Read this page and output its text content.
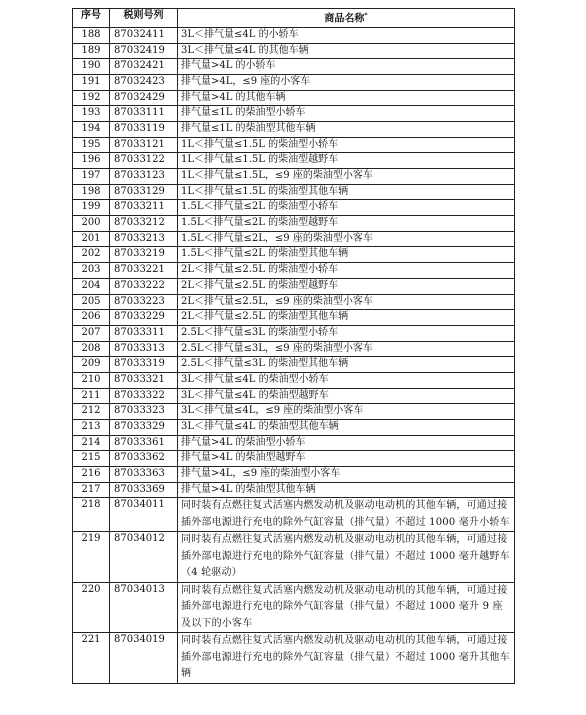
序号	税则号列	商品名称*
188	87032411	3L＜排气量≤4L 的小轿车
189	87032419	3L＜排气量≤4L 的其他车辆
190	87032421	排气量>4L 的小轿车
191	87032423	排气量>4L，≤9 座的小客车
192	87032429	排气量>4L 的其他车辆
193	87033111	排气量≤1L 的柴油型小轿车
194	87033119	排气量≤1L 的柴油型其他车辆
195	87033121	1L＜排气量≤1.5L 的柴油型小轿车
196	87033122	1L＜排气量≤1.5L 的柴油型越野车
197	87033123	1L＜排气量≤1.5L，≤9 座的柴油型小客车
198	87033129	1L＜排气量≤1.5L 的柴油型其他车辆
199	87033211	1.5L＜排气量≤2L 的柴油型小轿车
200	87033212	1.5L＜排气量≤2L 的柴油型越野车
201	87033213	1.5L＜排气量≤2L，≤9 座的柴油型小客车
202	87033219	1.5L＜排气量≤2L 的柴油型其他车辆
203	87033221	2L＜排气量≤2.5L 的柴油型小轿车
204	87033222	2L＜排气量≤2.5L 的柴油型越野车
205	87033223	2L＜排气量≤2.5L，≤9 座的柴油型小客车
206	87033229	2L＜排气量≤2.5L 的柴油型其他车辆
207	87033311	2.5L＜排气量≤3L 的柴油型小轿车
208	87033313	2.5L＜排气量≤3L，≤9 座的柴油型小客车
209	87033319	2.5L＜排气量≤3L 的柴油型其他车辆
210	87033321	3L＜排气量≤4L 的柴油型小轿车
211	87033322	3L＜排气量≤4L 的柴油型越野车
212	87033323	3L＜排气量≤4L，≤9 座的柴油型小客车
213	87033329	3L＜排气量≤4L 的柴油型其他车辆
214	87033361	排气量>4L 的柴油型小轿车
215	87033362	排气量>4L 的柴油型越野车
216	87033363	排气量>4L，≤9 座的柴油型小客车
217	87033369	排气量>4L 的柴油型其他车辆
218	87034011	同时装有点燃往复式活塞内燃发动机及驱动电动机的其他车辆，可通过接插外部电源进行充电的除外气缸容量（排气量）不超过 1000 毫升小轿车
219	87034012	同时装有点燃往复式活塞内燃发动机及驱动电动机的其他车辆，可通过接插外部电源进行充电的除外气缸容量（排气量）不超过 1000 毫升越野车（4 轮驱动）
220	87034013	同时装有点燃往复式活塞内燃发动机及驱动电动机的其他车辆，可通过接插外部电源进行充电的除外气缸容量（排气量）不超过 1000 毫升 9 座及以下的小客车
221	87034019	同时装有点燃往复式活塞内燃发动机及驱动电动机的其他车辆，可通过接插外部电源进行充电的除外气缸容量（排气量）不超过 1000 毫升其他车辆
